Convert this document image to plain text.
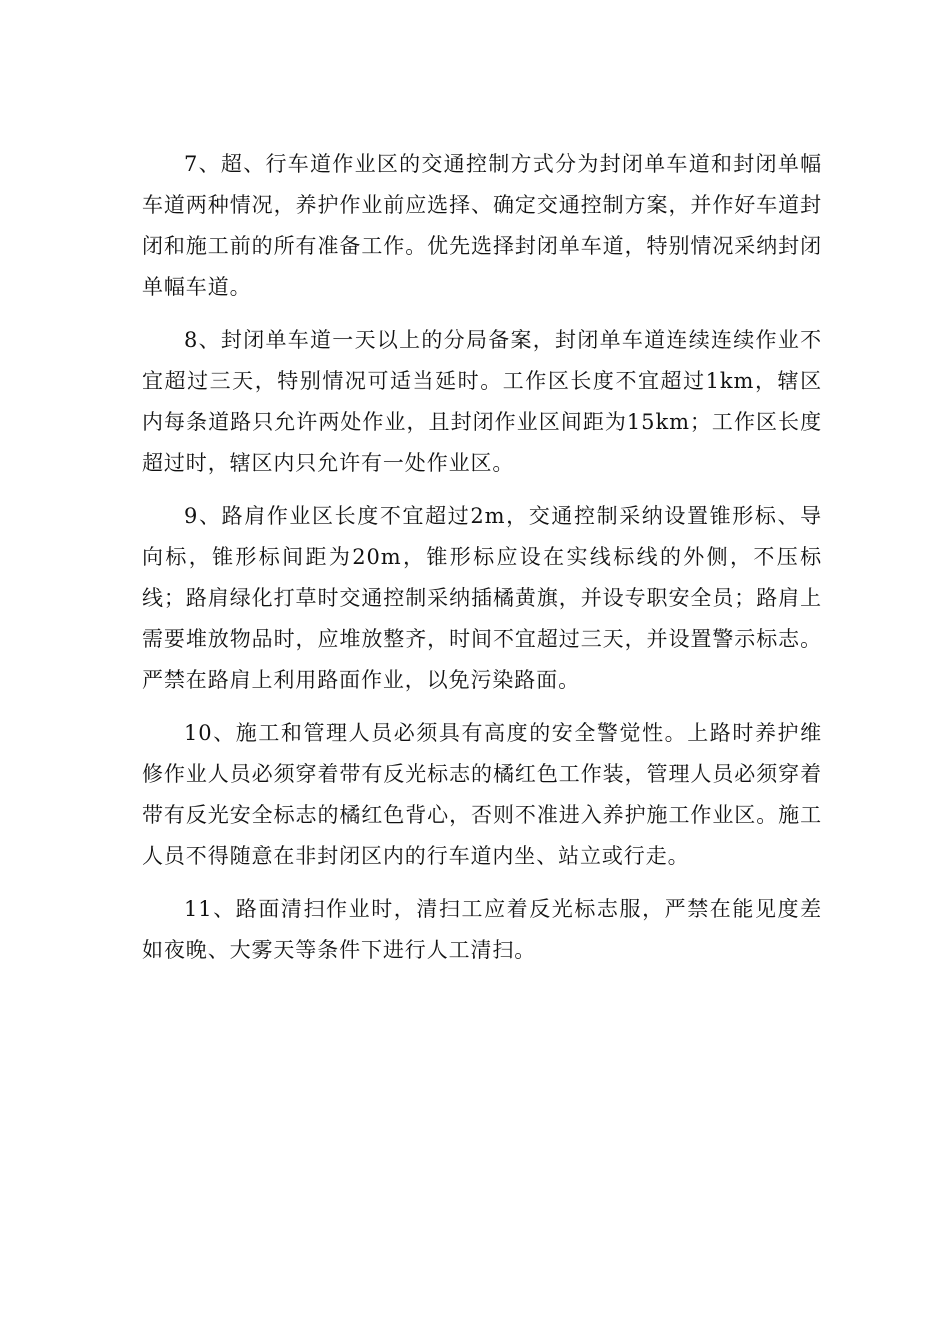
7、超、行车道作业区的交通控制方式分为封闭单车道和封闭单幅车道两种情况，养护作业前应选择、确定交通控制方案，并作好车道封闭和施工前的所有准备工作。优先选择封闭单车道，特别情况采纳封闭单幅车道。

8、封闭单车道一天以上的分局备案，封闭单车道连续连续作业不宜超过三天，特别情况可适当延时。工作区长度不宜超过1km，辖区内每条道路只允许两处作业，且封闭作业区间距为15km；工作区长度超过时，辖区内只允许有一处作业区。

9、路肩作业区长度不宜超过2m，交通控制采纳设置锥形标、导向标，锥形标间距为20m，锥形标应设在实线标线的外侧，不压标线；路肩绿化打草时交通控制采纳插橘黄旗，并设专职安全员；路肩上需要堆放物品时，应堆放整齐，时间不宜超过三天，并设置警示标志。严禁在路肩上利用路面作业，以免污染路面。

10、施工和管理人员必须具有高度的安全警觉性。上路时养护维修作业人员必须穿着带有反光标志的橘红色工作装，管理人员必须穿着带有反光安全标志的橘红色背心，否则不准进入养护施工作业区。施工人员不得随意在非封闭区内的行车道内坐、站立或行走。

11、路面清扫作业时，清扫工应着反光标志服，严禁在能见度差如夜晚、大雾天等条件下进行人工清扫。
